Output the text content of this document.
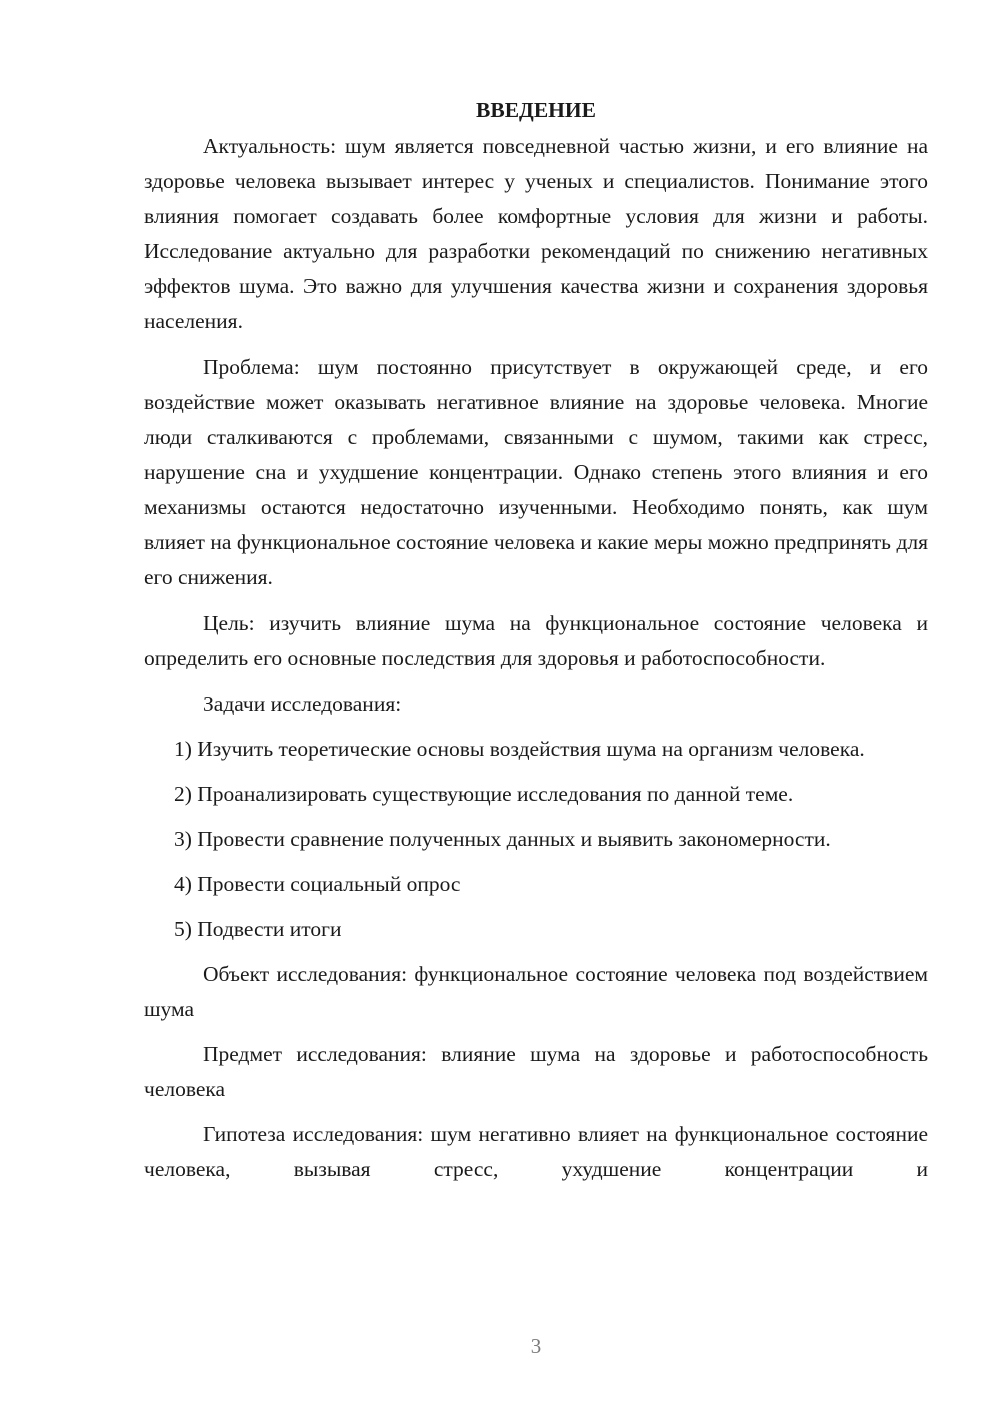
ВВЕДЕНИЕ

Актуальность: шум является повседневной частью жизни, и его влияние на здоровье человека вызывает интерес у ученых и специалистов. Понимание этого влияния помогает создавать более комфортные условия для жизни и работы. Исследование актуально для разработки рекомендаций по снижению негативных эффектов шума. Это важно для улучшения качества жизни и сохранения здоровья населения.

Проблема: шум постоянно присутствует в окружающей среде, и его воздействие может оказывать негативное влияние на здоровье человека. Многие люди сталкиваются с проблемами, связанными с шумом, такими как стресс, нарушение сна и ухудшение концентрации. Однако степень этого влияния и его механизмы остаются недостаточно изученными. Необходимо понять, как шум влияет на функциональное состояние человека и какие меры можно предпринять для его снижения.

Цель: изучить влияние шума на функциональное состояние человека и определить его основные последствия для здоровья и работоспособности.

Задачи исследования:

1) Изучить теоретические основы воздействия шума на организм человека.

2) Проанализировать существующие исследования по данной теме.

3) Провести сравнение полученных данных и выявить закономерности.

4) Провести социальный опрос

5) Подвести итоги

Объект исследования: функциональное состояние человека под воздействием шума

Предмет исследования: влияние шума на здоровье и работоспособность человека

Гипотеза исследования: шум негативно влияет на функциональное состояние человека, вызывая стресс, ухудшение концентрации и

3
